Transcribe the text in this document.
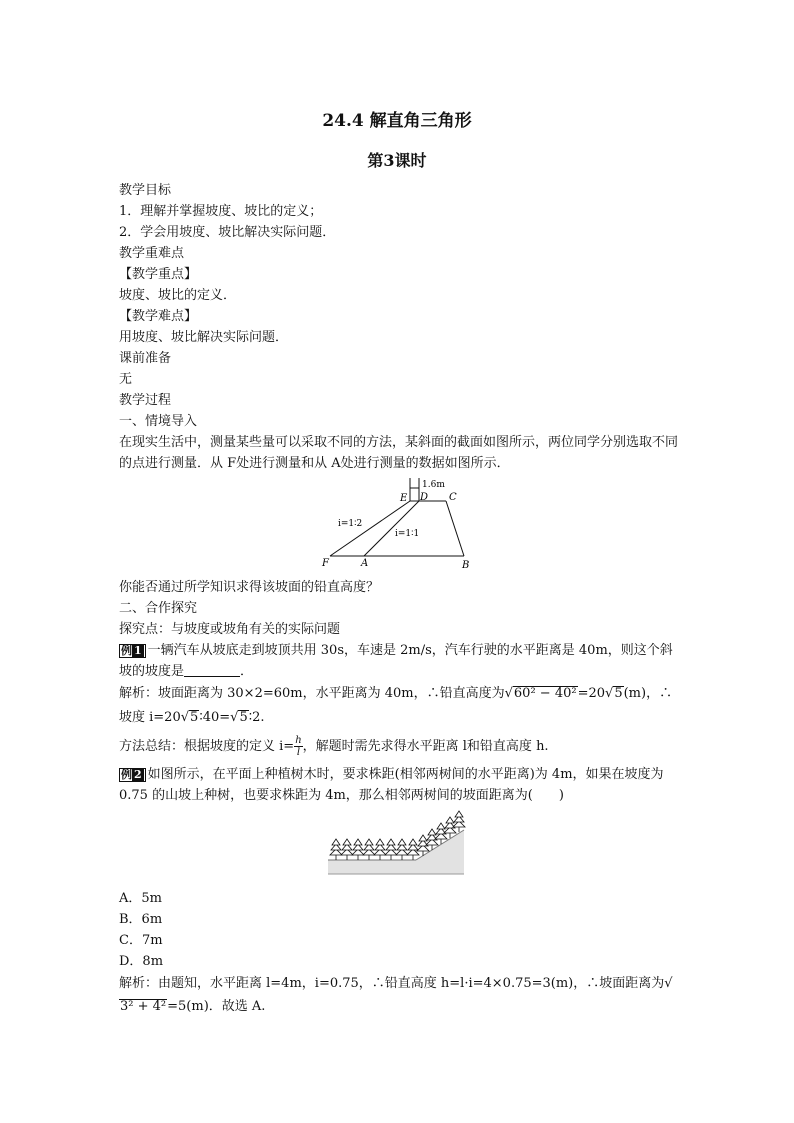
24.4 解直角三角形
第3课时
教学目标
1．理解并掌握坡度、坡比的定义；
2．学会用坡度、坡比解决实际问题．
教学重难点
【教学重点】
坡度、坡比的定义．
【教学难点】
用坡度、坡比解决实际问题．
课前准备
无
教学过程
一、情境导入
在现实生活中，测量某些量可以采取不同的方法，某斜面的截面如图所示，两位同学分别选取不同的点进行测量．从 F处进行测量和从 A处进行测量的数据如图所示．
1.6m
E D C
F	A	B
i=1∶2
i=1∶1
你能否通过所学知识求得该坡面的铅直高度？
二、合作探究
探究点：与坡度或坡角有关的实际问题
例 1 一辆汽车从坡底走到坡顶共用 30s，车速是 2m/s，汽车行驶的水平距离是 40m，则这个斜坡的坡度是	．
解析：坡面距离为 30×2=60m，水平距离为 40m，∴铅直高度为√60² − 40²=20√5(m)，∴
坡度 i=20√5∶40=√5∶2.
方法总结：根据坡度的定义 $i= \frac{h}{l}$ ，解题时需先求得水平距离 l和铅直高度 h.
例 2 如图所示，在平面上种植树木时，要求株距(相邻两树间的水平距离)为 4m，如果在坡度为 0.75 的山坡上种树，也要求株距为 4m，那么相邻两树间的坡面距离为(　　)
A．5m
B．6m
C．7m
D．8m
解析：由题知，水平距离 l=4m，i=0.75，∴铅直高度 h=l·i=4×0.75=3(m)，∴坡面距离为√3² + 4²=5(m)．故选 A.
